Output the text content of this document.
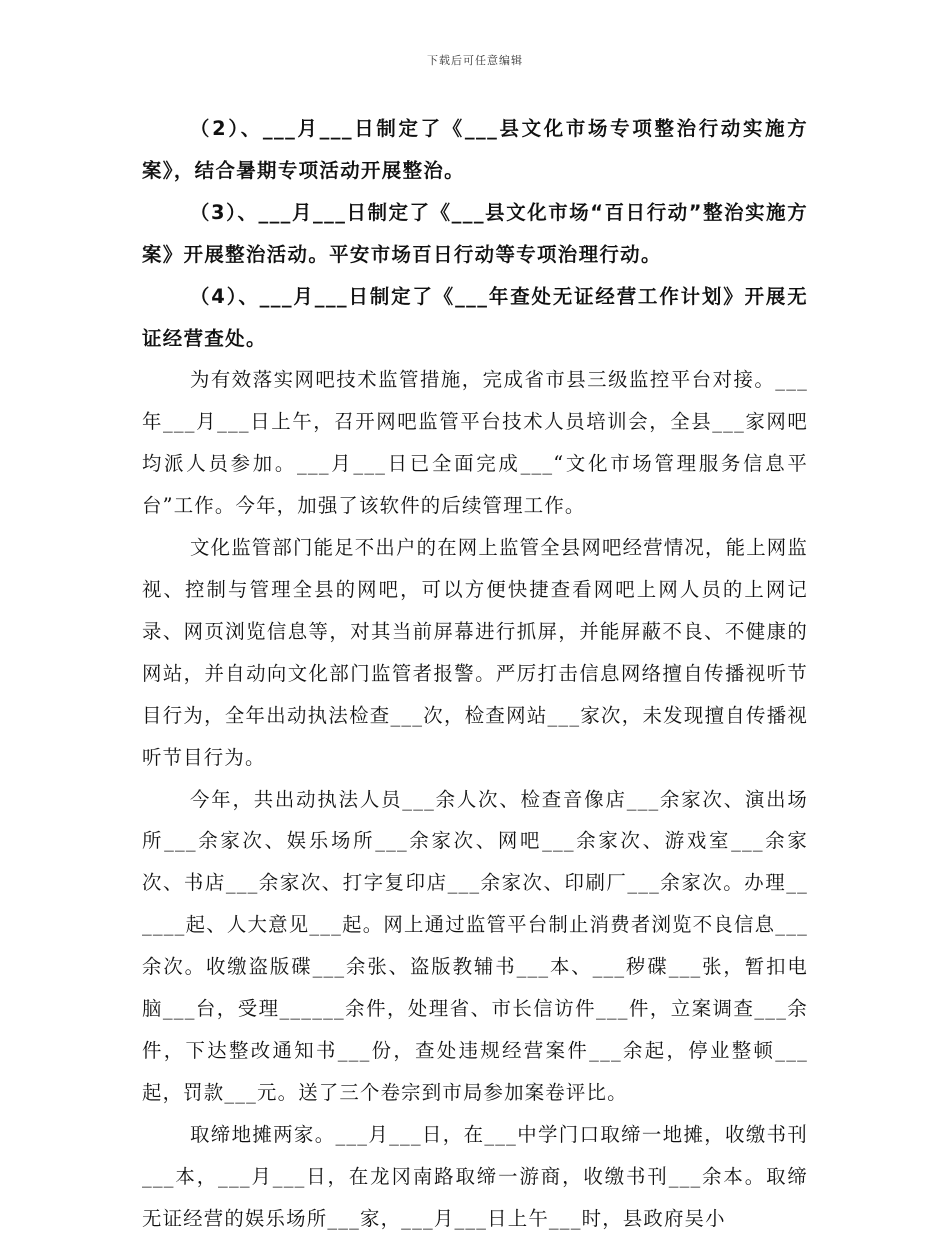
下载后可任意编辑

（2）、___月___日制定了《___县文化市场专项整治行动实施方案》，结合暑期专项活动开展整治。

（3）、___月___日制定了《___县文化市场“百日行动”整治实施方案》开展整治活动。平安市场百日行动等专项治理行动。

（4）、___月___日制定了《___年查处无证经营工作计划》开展无证经营查处。

为有效落实网吧技术监管措施，完成省市县三级监控平台对接。___年___月___日上午，召开网吧监管平台技术人员培训会，全县___家网吧均派人员参加。___月___日已全面完成___“文化市场管理服务信息平台”工作。今年，加强了该软件的后续管理工作。

文化监管部门能足不出户的在网上监管全县网吧经营情况，能上网监视、控制与管理全县的网吧，可以方便快捷查看网吧上网人员的上网记录、网页浏览信息等，对其当前屏幕进行抓屏，并能屏蔽不良、不健康的网站，并自动向文化部门监管者报警。严厉打击信息网络擅自传播视听节目行为，全年出动执法检查___次，检查网站___家次，未发现擅自传播视听节目行为。

今年，共出动执法人员___余人次、检查音像店___余家次、演出场所___余家次、娱乐场所___余家次、网吧___余家次、游戏室___余家次、书店___余家次、打字复印店___余家次、印刷厂___余家次。办理______起、人大意见___起。网上通过监管平台制止消费者浏览不良信息___余次。收缴盗版碟___余张、盗版教辅书___本、___秽碟___张，暂扣电脑___台，受理______余件，处理省、市长信访件___件，立案调查___余件，下达整改通知书___份，查处违规经营案件___余起，停业整顿___起，罚款___元。送了三个卷宗到市局参加案卷评比。

取缔地摊两家。___月___日，在___中学门口取缔一地摊，收缴书刊___本，___月___日，在龙冈南路取缔一游商，收缴书刊___余本。取缔无证经营的娱乐场所___家，___月___日上午___时，县政府吴小
